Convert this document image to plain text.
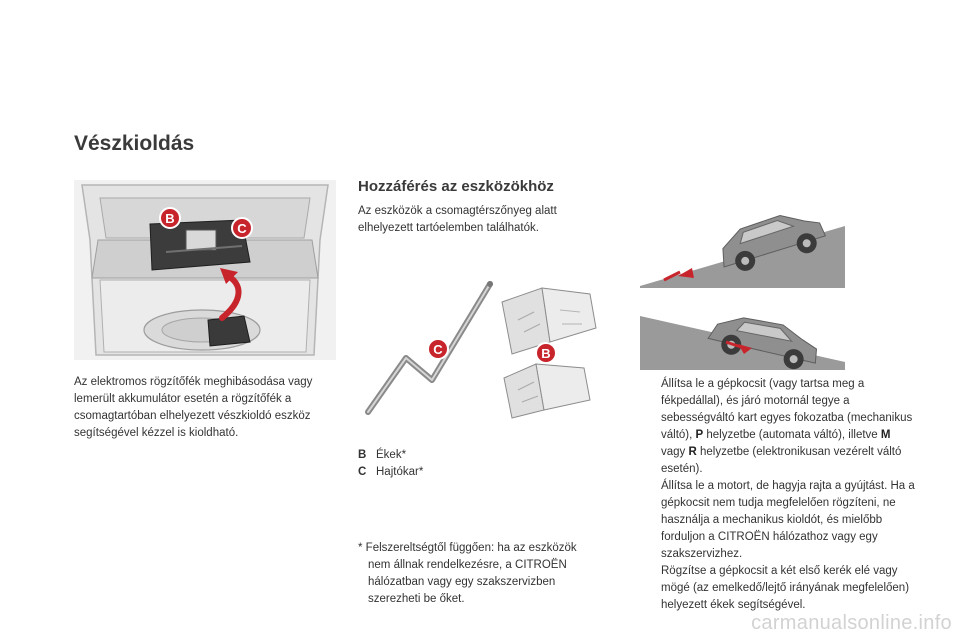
Vészkioldás
B
C
Az elektromos rögzítőfék meghibásodása vagy lemerült akkumulátor esetén a rögzítőfék a csomagtartóban elhelyezett vészkioldó eszköz segítségével kézzel is kioldható.
Hozzáférés az eszközökhöz
Az eszközök a csomagtérszőnyeg alatt elhelyezett tartóelemben találhatók.
C	B
B Ékek*
C Hajtókar*
* Felszereltségtől függően: ha az eszközök
nem állnak rendelkezésre, a CITROËN
hálózatban vagy egy szakszervizben
szerezheti be őket.
Állítsa le a gépkocsit (vagy tartsa meg a fékpedállal), és járó motornál tegye a sebességváltó kart egyes fokozatba (mechanikus váltó), P helyzetbe (automata váltó), illetve M vagy R helyzetbe (elektronikusan vezérelt váltó esetén).
Állítsa le a motort, de hagyja rajta a gyújtást. Ha a gépkocsit nem tudja megfelelően rögzíteni, ne használja a mechanikus kioldót, és mielőbb forduljon a CITROËN hálózathoz vagy egy szakszervizhez.
Rögzítse a gépkocsit a két első kerék elé vagy mögé (az emelkedő/lejtő irányának megfelelően) helyezett ékek segítségével.
carmanualsonline.info
